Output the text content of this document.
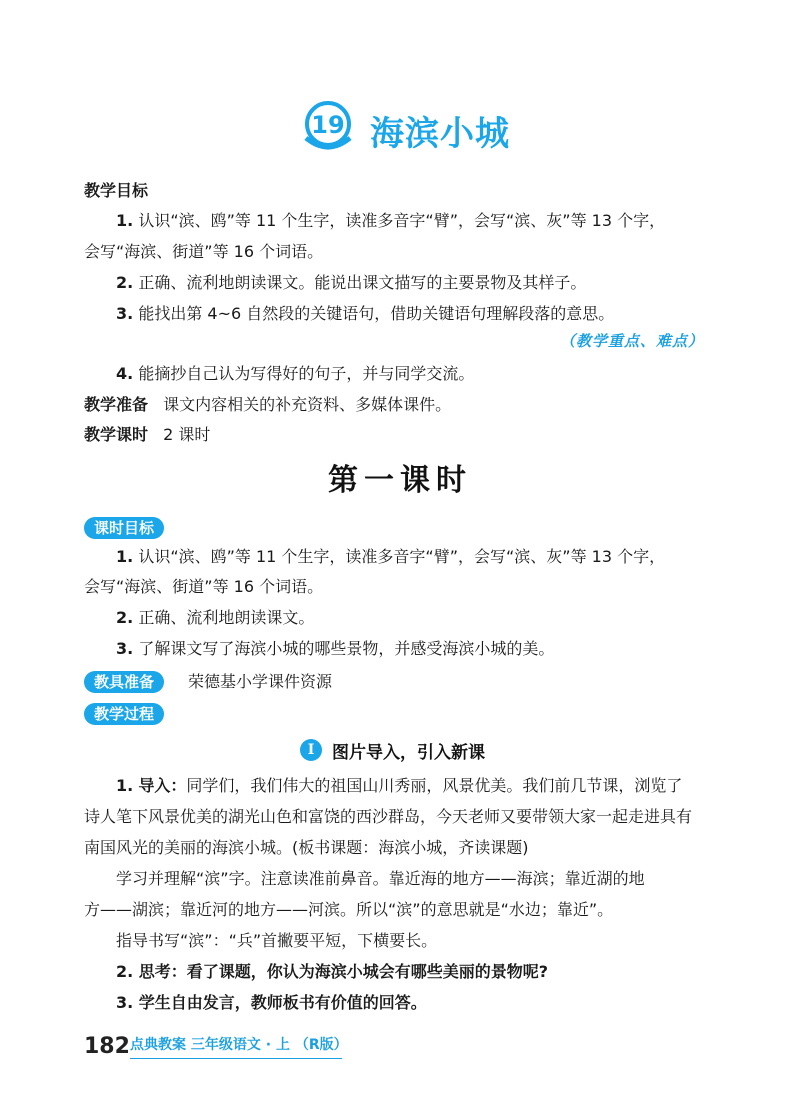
19 海滨小城
教学目标
1. 认识“滨、鸥”等 11 个生字，读准多音字“臂”，会写“滨、灰”等 13 个字，
会写“海滨、街道”等 16 个词语。
2. 正确、流利地朗读课文。能说出课文描写的主要景物及其样子。
3. 能找出第 4~6 自然段的关键语句，借助关键语句理解段落的意思。
（教学重点、难点）
4. 能摘抄自己认为写得好的句子，并与同学交流。
教学准备 课文内容相关的补充资料、多媒体课件。
教学课时 2 课时
第一课时
课时目标
1. 认识“滨、鸥”等 11 个生字，读准多音字“臂”，会写“滨、灰”等 13 个字，
会写“海滨、街道”等 16 个词语。
2. 正确、流利地朗读课文。
3. 了解课文写了海滨小城的哪些景物，并感受海滨小城的美。
教具准备	荣德基小学课件资源
教学过程
I	图片导入，引入新课
1. 导入：同学们，我们伟大的祖国山川秀丽，风景优美。我们前几节课，浏览了
诗人笔下风景优美的湖光山色和富饶的西沙群岛，今天老师又要带领大家一起走进具有
南国风光的美丽的海滨小城。(板书课题：海滨小城，齐读课题)
学习并理解“滨”字。注意读准前鼻音。靠近海的地方——海滨；靠近湖的地
方——湖滨；靠近河的地方——河滨。所以“滨”的意思就是“水边；靠近”。
指导书写“滨”：“兵”首撇要平短，下横要长。
2. 思考：看了课题，你认为海滨小城会有哪些美丽的景物呢?
3. 学生自由发言，教师板书有价值的回答。
182 点典教案 三年级语文 · 上 （R版）
